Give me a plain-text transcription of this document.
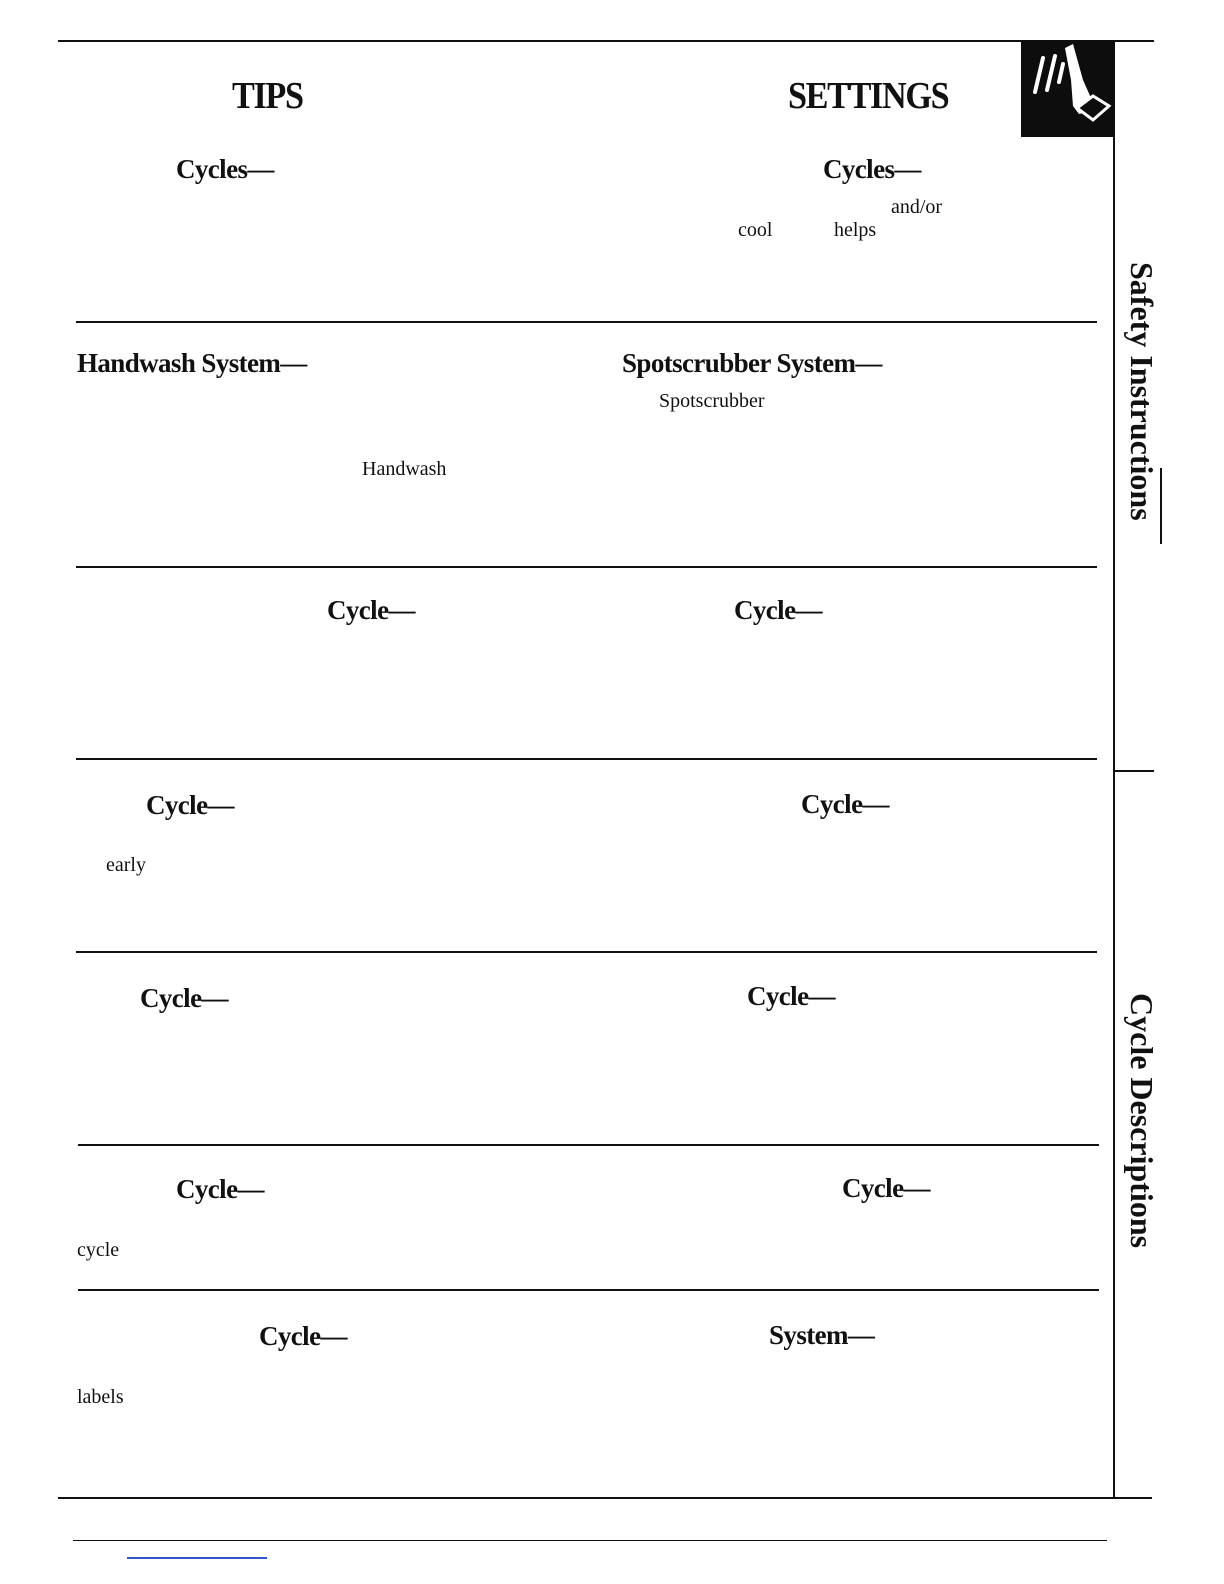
TIPS	SETTINGS
Cycles—	Cycles—
and/or
cool	helps
Handwash System—	Spotscrubber System—
Spotscrubber
Handwash
Cycle—	Cycle—
Cycle—	Cycle—
early
Cycle—	Cycle—
Cycle—	Cycle—
cycle
Cycle—	System—
labels
Safety Instructions
Cycle Descriptions
